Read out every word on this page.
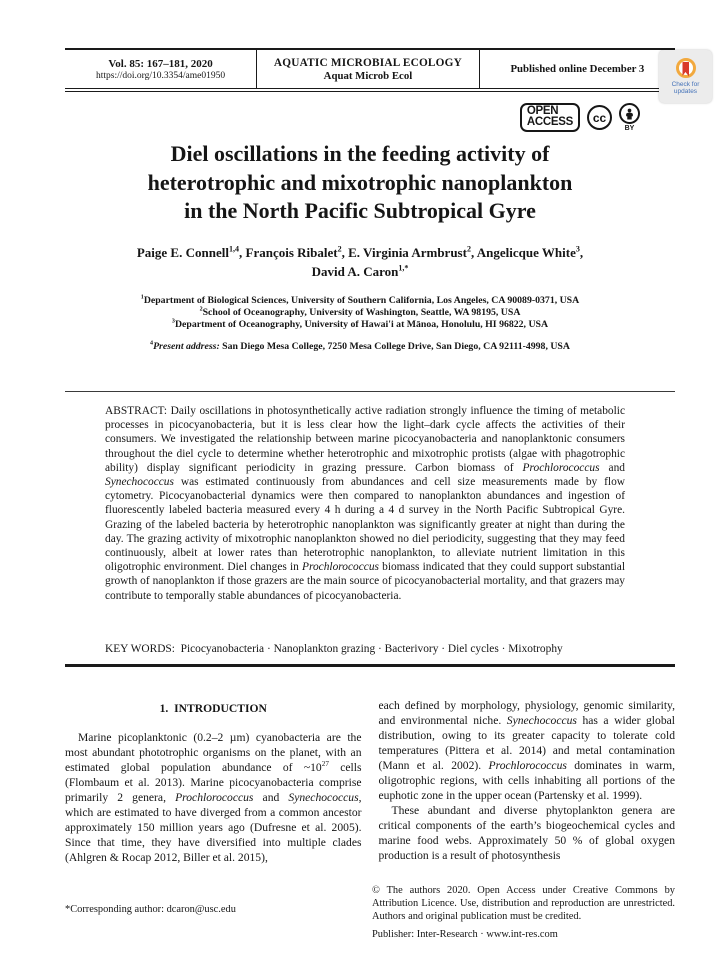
Vol. 85: 167–181, 2020
https://doi.org/10.3354/ame01950
AQUATIC MICROBIAL ECOLOGY
Aquat Microb Ecol
Published online December 3
Check for updates
OPEN
ACCESS	cc
BY
Diel oscillations in the feeding activity of
heterotrophic and mixotrophic nanoplankton
in the North Pacific Subtropical Gyre
Paige E. Connell$^{1,4}$, François Ribalet$^2$, E. Virginia Armbrust$^2$, Angelicque White$^3$,
David A. Caron$^{1,*}$
$^1$Department of Biological Sciences, University of Southern California, Los Angeles, CA 90089-0371, USA
$^2$School of Oceanography, University of Washington, Seattle, WA 98195, USA
$^3$Department of Oceanography, University of Hawai'i at Mānoa, Honolulu, HI 96822, USA
$^4$Present address: San Diego Mesa College, 7250 Mesa College Drive, San Diego, CA 92111-4998, USA
ABSTRACT: Daily oscillations in photosynthetically active radiation strongly influence the timing of metabolic processes in picocyanobacteria, but it is less clear how the light–dark cycle affects the activities of their consumers. We investigated the relationship between marine picocyanobacteria and nanoplanktonic consumers throughout the diel cycle to determine whether heterotrophic and mixotrophic protists (algae with phagotrophic ability) display significant periodicity in grazing pressure. Carbon biomass of Prochlorococcus and Synechococcus was estimated continuously from abundances and cell size measurements made by flow cytometry. Picocyanobacterial dynamics were then compared to nanoplankton abundances and ingestion of fluorescently labeled bacteria measured every 4 h during a 4 d survey in the North Pacific Subtropical Gyre. Grazing of the labeled bacteria by heterotrophic nanoplankton was significantly greater at night than during the day. The grazing activity of mixotrophic nanoplankton showed no diel periodicity, suggesting that they may feed continuously, albeit at lower rates than heterotrophic nanoplankton, to alleviate nutrient limitation in this oligotrophic environment. Diel changes in Prochlorococcus biomass indicated that they could support substantial growth of nanoplankton if those grazers are the main source of picocyanobacterial mortality, and that grazers may contribute to temporally stable abundances of picocyanobacteria.
KEY WORDS:  Picocyanobacteria · Nanoplankton grazing · Bacterivory · Diel cycles · Mixotrophy
1.  INTRODUCTION

Marine picoplanktonic (0.2–2 µm) cyanobacteria are the most abundant phototrophic organisms on the planet, with an estimated global population abundance of $\sim 10^{27}$ cells (Flombaum et al. 2013). Marine picocyanobacteria comprise primarily 2 genera, Prochlorococcus and Synechococcus, which are estimated to have diverged from a common ancestor approximately 150 million years ago (Dufresne et al. 2005). Since that time, they have diversified into multiple clades (Ahlgren & Rocap 2012, Biller et al. 2015),

each defined by morphology, physiology, genomic similarity, and environmental niche. Synechococcus has a wider global distribution, owing to its greater capacity to tolerate cold temperatures (Pittera et al. 2014) and metal contamination (Mann et al. 2002). Prochlorococcus dominates in warm, oligotrophic regions, with cells inhabiting all portions of the euphotic zone in the upper ocean (Partensky et al. 1999).

These abundant and diverse phytoplankton genera are critical components of the earth’s biogeochemical cycles and marine food webs. Approximately 50 % of global oxygen production is a result of photosynthesis

*Corresponding author: dcaron@usc.edu
© The authors 2020. Open Access under Creative Commons by Attribution Licence. Use, distribution and reproduction are unrestricted. Authors and original publication must be credited.
Publisher: Inter-Research · www.int-res.com
